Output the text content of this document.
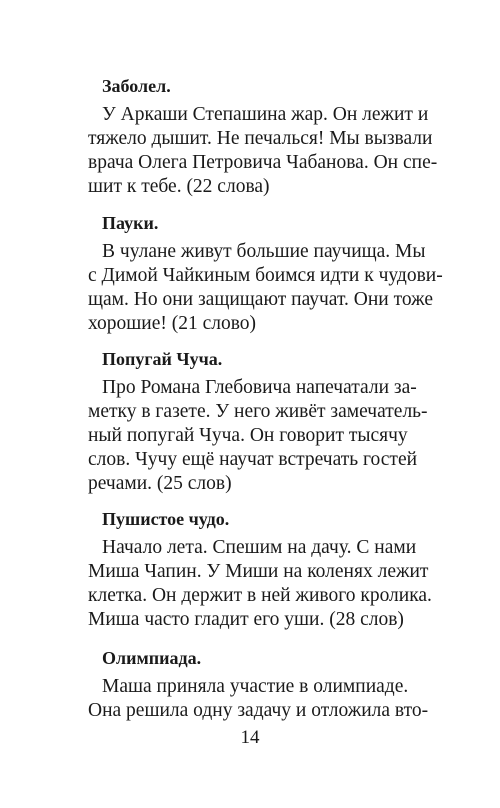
Заболел.
У Аркаши Степашина жар. Он лежит и
тяжело дышит. Не печалься! Мы вызвали
врача Олега Петровича Чабанова. Он спе-
шит к тебе. (22 слова)
Пауки.
В чулане живут большие паучища. Мы
с Димой Чайкиным боимся идти к чудови-
щам. Но они защищают паучат. Они тоже
хорошие! (21 слово)
Попугай Чуча.
Про Романа Глебовича напечатали за-
метку в газете. У него живёт замечатель-
ный попугай Чуча. Он говорит тысячу
слов. Чучу ещё научат встречать гостей
речами. (25 слов)
Пушистое чудо.
Начало лета. Спешим на дачу. С нами
Миша Чапин. У Миши на коленях лежит
клетка. Он держит в ней живого кролика.
Миша часто гладит его уши. (28 слов)
Олимпиада.
Маша приняла участие в олимпиаде.
Она решила одну задачу и отложила вто-
14
